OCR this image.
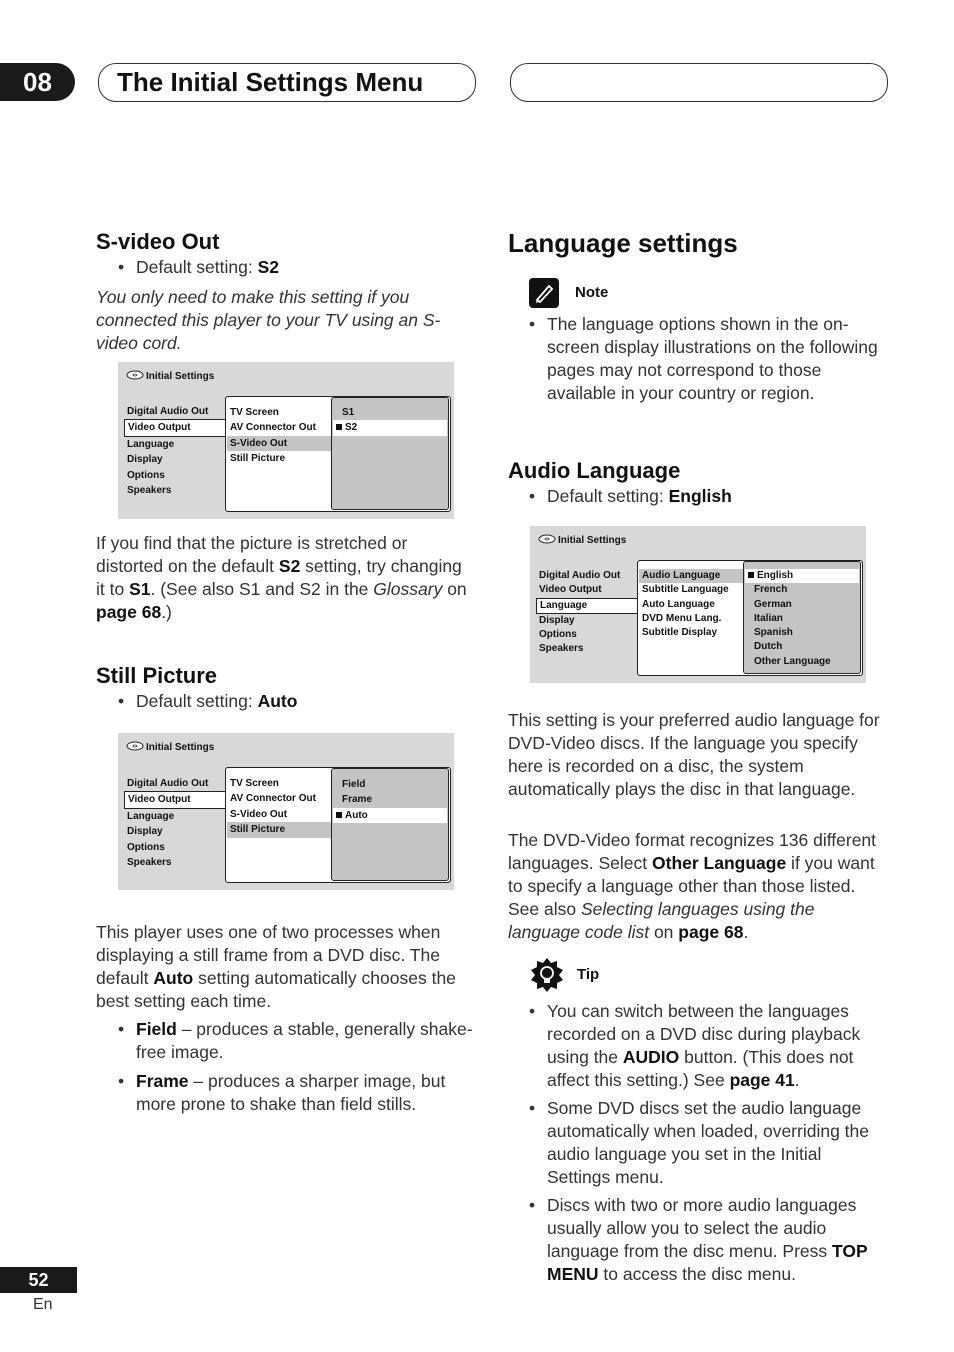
08	The Initial Settings Menu
S-video Out
• Default setting: S2

You only need to make this setting if you connected this player to your TV using an S-video cord.

Initial Settings
Digital Audio Out
Video Output
Language
Display
Options
Speakers
TV Screen
AV Connector Out
S-Video Out
Still Picture
S1
S2

If you find that the picture is stretched or distorted on the default S2 setting, try changing it to S1. (See also S1 and S2 in the Glossary on page 68.)

Still Picture
• Default setting: Auto
Initial Settings
Digital Audio Out
Video Output
Language
Display
Options
Speakers
TV Screen
AV Connector Out
S-Video Out
Still Picture
Field
Frame
Auto

This player uses one of two processes when displaying a still frame from a DVD disc. The default Auto setting automatically chooses the best setting each time.

• Field – produces a stable, generally shake-free image.
• Frame – produces a sharper image, but more prone to shake than field stills.
Language settings
Note
• The language options shown in the on-screen display illustrations on the following pages may not correspond to those available in your country or region.
Audio Language
• Default setting: English
Initial Settings
Digital Audio Out
Video Output
Language
Display
Options
Speakers
Audio Language
Subtitle Language
Auto Language
DVD Menu Lang.
Subtitle Display
English
French
German
Italian
Spanish
Dutch
Other Language

This setting is your preferred audio language for DVD-Video discs. If the language you specify here is recorded on a disc, the system automatically plays the disc in that language.

The DVD-Video format recognizes 136 different languages. Select Other Language if you want to specify a language other than those listed. See also Selecting languages using the language code list on page 68.

Tip
• You can switch between the languages recorded on a DVD disc during playback using the AUDIO button. (This does not affect this setting.) See page 41.
• Some DVD discs set the audio language automatically when loaded, overriding the audio language you set in the Initial Settings menu.
• Discs with two or more audio languages usually allow you to select the audio language from the disc menu. Press TOP MENU to access the disc menu.
52
En
